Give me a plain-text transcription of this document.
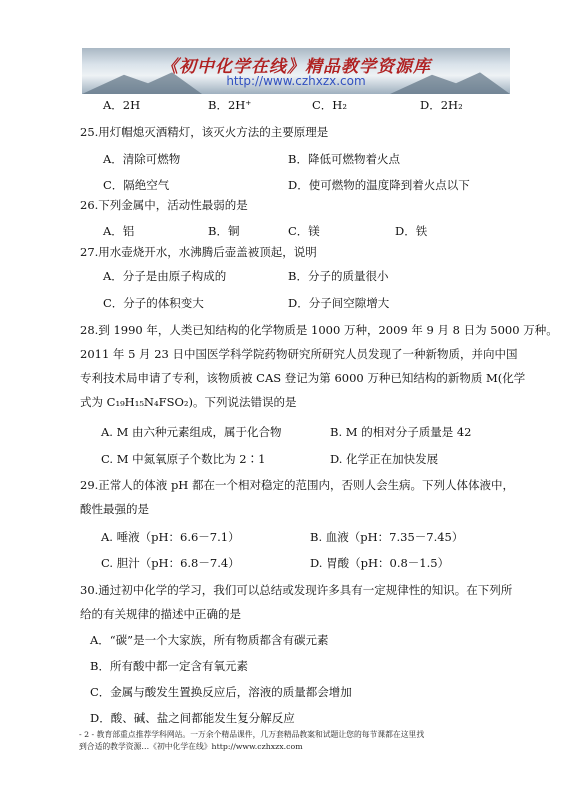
《初中化学在线》精品教学资源库
http://www.czhxzx.com
A．2H	B．2H⁺	C．H₂	D．2H₂
25.用灯帽熄灭酒精灯，该灭火方法的主要原理是
A．清除可燃物	B．降低可燃物着火点
C．隔绝空气	D．使可燃物的温度降到着火点以下
26.下列金属中，活动性最弱的是
A．铝	B．铜	C．镁	D．铁
27.用水壶烧开水，水沸腾后壶盖被顶起，说明
A．分子是由原子构成的	B．分子的质量很小
C．分子的体积变大	D．分子间空隙增大
28.到 1990 年，人类已知结构的化学物质是 1000 万种，2009 年 9 月 8 日为 5000 万种。
2011 年 5 月 23 日中国医学科学院药物研究所研究人员发现了一种新物质，并向中国
专利技术局申请了专利，该物质被 CAS 登记为第 6000 万种已知结构的新物质 M(化学
式为 C₁₉H₁₅N₄FSO₂)。下列说法错误的是
A. M 由六种元素组成，属于化合物	B. M 的相对分子质量是 42
C. M 中氮氧原子个数比为 2∶1	D. 化学正在加快发展
29.正常人的体液 pH 都在一个相对稳定的范围内，否则人会生病。下列人体体液中，
酸性最强的是
A. 唾液（pH：6.6－7.1）	B. 血液（pH：7.35－7.45）
C. 胆汁（pH：6.8－7.4）	D. 胃酸（pH：0.8－1.5）
30.通过初中化学的学习，我们可以总结或发现许多具有一定规律性的知识。在下列所
给的有关规律的描述中正确的是
A．“碳”是一个大家族，所有物质都含有碳元素
B．所有酸中都一定含有氧元素
C．金属与酸发生置换反应后，溶液的质量都会增加
D．酸、碱、盐之间都能发生复分解反应
- 2 - 教育部重点推荐学科网站。一万余个精品课件，几万套精品教案和试题让您的每节课都在这里找
到合适的教学资源…《初中化学在线》http://www.czhxzx.com
